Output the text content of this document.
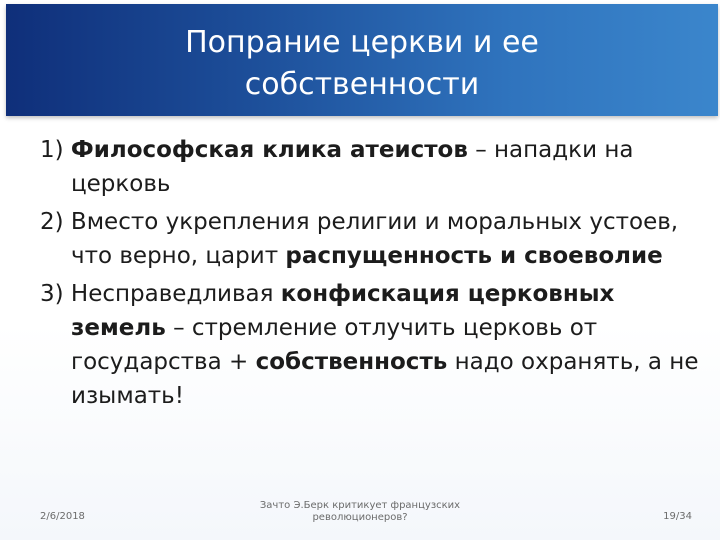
Попрание церкви и ее
собственности

1) Философская клика атеистов – нападки на церковь

2) Вместо укрепления религии и моральных устоев, что верно, царит распущенность и своеволие

3) Несправедливая конфискация церковных земель – стремление отлучить церковь от государства + собственность надо охранять, а не изымать!

2/6/2018
Зачто Э.Берк критикует французских революционеров?	19/34
